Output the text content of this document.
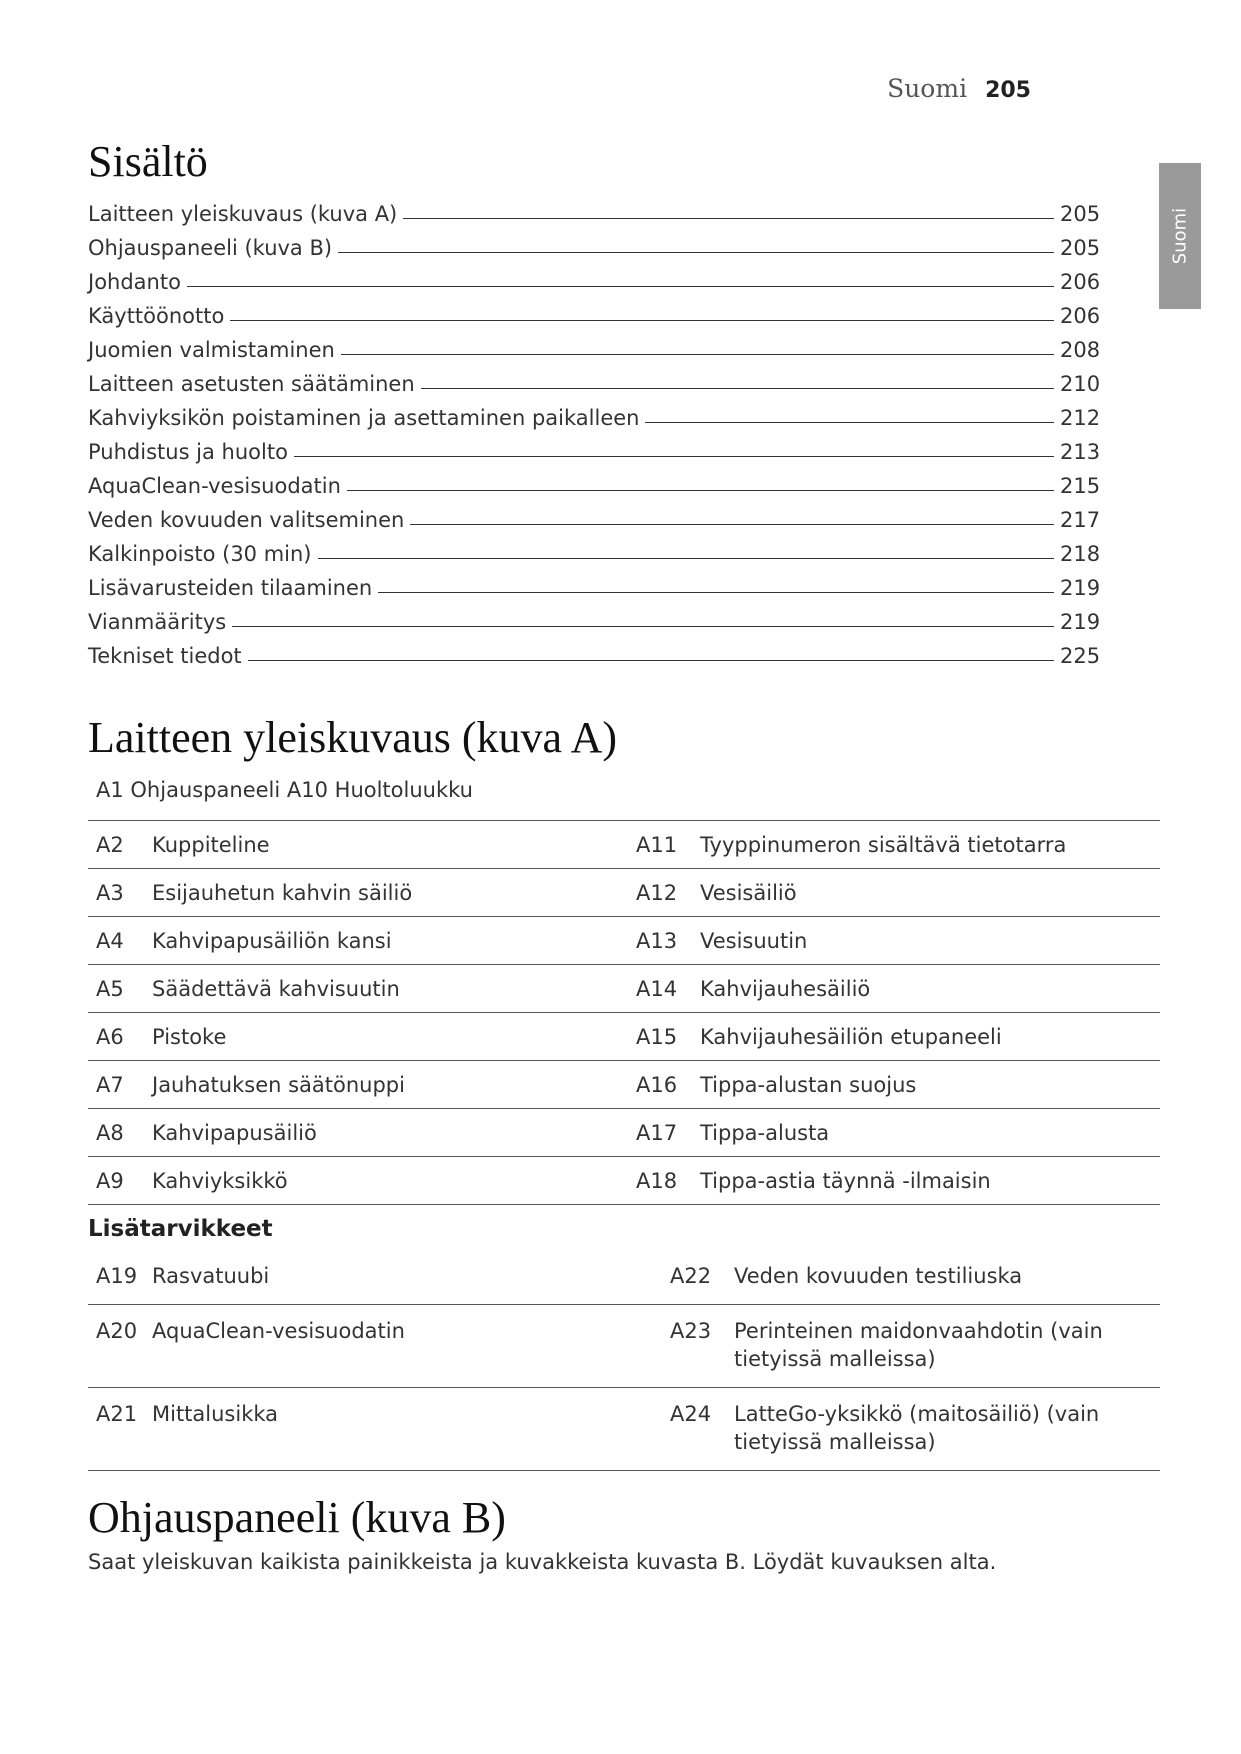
Suomi 205
Suomi
Sisältö
Laitteen yleiskuvaus (kuva A)	205
Ohjauspaneeli (kuva B)	205
Johdanto	206
Käyttöönotto	206
Juomien valmistaminen	208
Laitteen asetusten säätäminen	210
Kahviyksikön poistaminen ja asettaminen paikalleen	212
Puhdistus ja huolto	213
AquaClean-vesisuodatin	215
Veden kovuuden valitseminen	217
Kalkinpoisto (30 min)	218
Lisävarusteiden tilaaminen	219
Vianmääritys	219
Tekniset tiedot	225
Laitteen yleiskuvaus (kuva A)
A1 Ohjauspaneeli A10 Huoltoluukku
A2	Kuppiteline	A11	Tyyppinumeron sisältävä tietotarra
A3	Esijauhetun kahvin säiliö	A12	Vesisäiliö
A4	Kahvipapusäiliön kansi	A13	Vesisuutin
A5	Säädettävä kahvisuutin	A14	Kahvijauhesäiliö
A6	Pistoke	A15	Kahvijauhesäiliön etupaneeli
A7	Jauhatuksen säätönuppi	A16	Tippa-alustan suojus
A8	Kahvipapusäiliö	A17	Tippa-alusta
A9	Kahviyksikkö	A18	Tippa-astia täynnä -ilmaisin
Lisätarvikkeet
A19	Rasvatuubi	A22	Veden kovuuden testiliuska
A20	AquaClean-vesisuodatin	A23	Perinteinen maidonvaahdotin (vain tietyissä malleissa)
A21	Mittalusikka	A24	LatteGo-yksikkö (maitosäiliö) (vain tietyissä malleissa)
Ohjauspaneeli (kuva B)
Saat yleiskuvan kaikista painikkeista ja kuvakkeista kuvasta B. Löydät kuvauksen alta.
